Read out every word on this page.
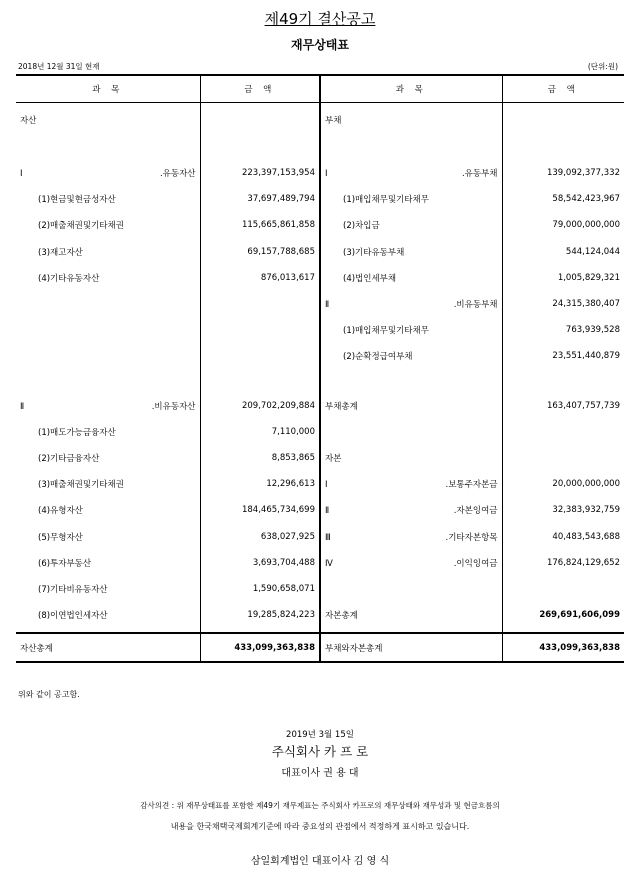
제49기 결산공고
재무상태표
2018년 12월 31일 현재	(단위:원)
과 목	금 액	과 목	금 액
자산		부채	

Ⅰ.유동자산	223,397,153,954	Ⅰ.유동부채	139,092,377,332
(1)현금및현금성자산	37,697,489,794	(1)매입채무및기타채무	58,542,423,967
(2)매출채권및기타채권	115,665,861,858	(2)차입금	79,000,000,000
(3)재고자산	69,157,788,685	(3)기타유동부채	544,124,044
(4)기타유동자산	876,013,617	(4)법인세부채	1,005,829,321
		Ⅱ.비유동부채	24,315,380,407
		(1)매입채무및기타채무	763,939,528
		(2)순확정급여부채	23,551,440,879

Ⅱ.비유동자산	209,702,209,884	부채총계	163,407,757,739
(1)매도가능금융자산	7,110,000		
(2)기타금융자산	8,853,865	자본	
(3)매출채권및기타채권	12,296,613	Ⅰ.보통주자본금	20,000,000,000
(4)유형자산	184,465,734,699	Ⅱ.자본잉여금	32,383,932,759
(5)무형자산	638,027,925	Ⅲ.기타자본항목	40,483,543,688
(6)투자부동산	3,693,704,488	Ⅳ.이익잉여금	176,824,129,652
(7)기타비유동자산	1,590,658,071		
(8)이연법인세자산	19,285,824,223	자본총계	269,691,606,099

자산총계	433,099,363,838	부채와자본총계	433,099,363,838
위와 같이 공고함.
2019년 3월 15일
주식회사 카 프 로
대표이사 권 용 대
감사의견 : 위 재무상태표를 포함한 제49기 재무제표는 주식회사 카프로의 재무상태와 재무성과 및 현금흐름의
내용을 한국채택국제회계기준에 따라 중요성의 관점에서 적정하게 표시하고 있습니다.
삼일회계법인 대표이사 김 영 식
